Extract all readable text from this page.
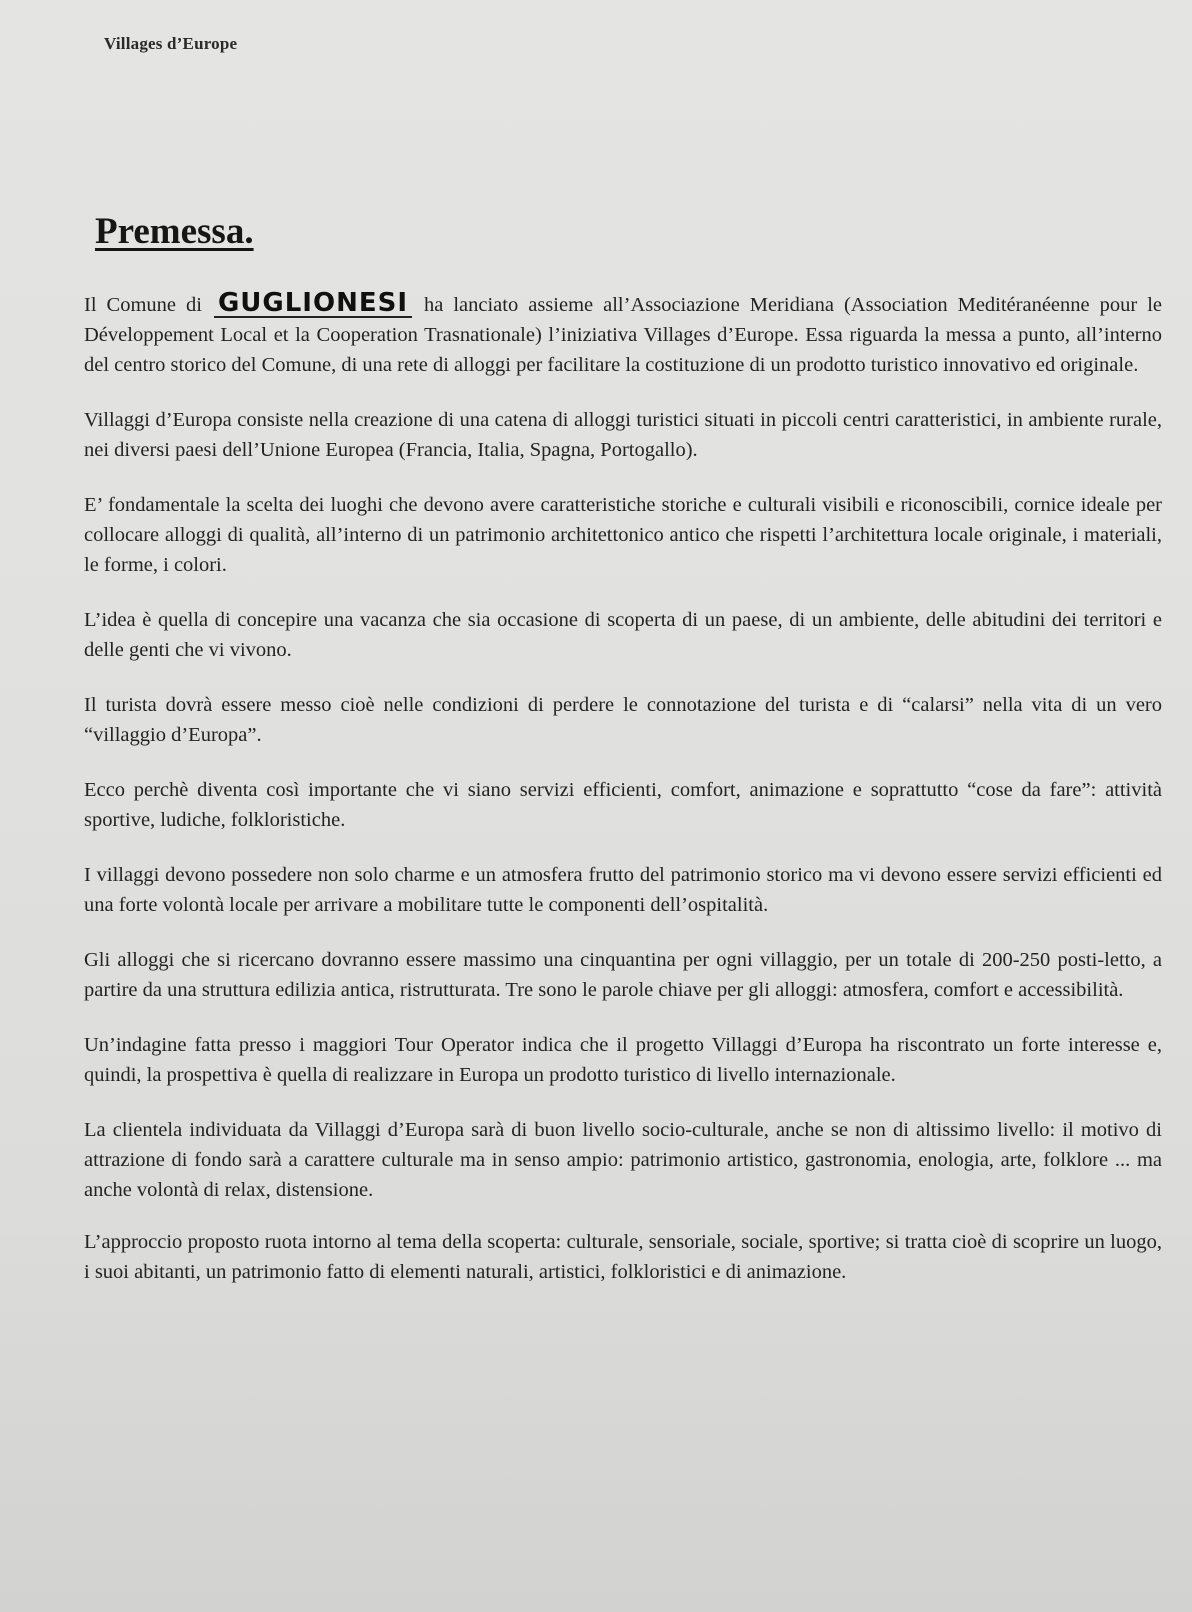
Villages d’Europe
Premessa.

Il Comune di GUGLIONESI ha lanciato assieme all’Associazione Meridiana (Association Meditéranéenne pour le Développement Local et la Cooperation Trasnationale) l’iniziativa Villages d’Europe. Essa riguarda la messa a punto, all’interno del centro storico del Comune, di una rete di alloggi per facilitare la costituzione di un prodotto turistico innovativo ed originale.

Villaggi d’Europa consiste nella creazione di una catena di alloggi turistici situati in piccoli centri caratteristici, in ambiente rurale, nei diversi paesi dell’Unione Europea (Francia, Italia, Spagna, Portogallo).

E’ fondamentale la scelta dei luoghi che devono avere caratteristiche storiche e culturali visibili e riconoscibili, cornice ideale per collocare alloggi di qualità, all’interno di un patrimonio architettonico antico che rispetti l’architettura locale originale, i materiali, le forme, i colori.

L’idea è quella di concepire una vacanza che sia occasione di scoperta di un paese, di un ambiente, delle abitudini dei territori e delle genti che vi vivono.

Il turista dovrà essere messo cioè nelle condizioni di perdere le connotazione del turista e di “calarsi” nella vita di un vero “villaggio d’Europa”.

Ecco perchè diventa così importante che vi siano servizi efficienti, comfort, animazione e soprattutto “cose da fare”: attività sportive, ludiche, folkloristiche.

I villaggi devono possedere non solo charme e un atmosfera frutto del patrimonio storico ma vi devono essere servizi efficienti ed una forte volontà locale per arrivare a mobilitare tutte le componenti dell’ospitalità.

Gli alloggi che si ricercano dovranno essere massimo una cinquantina per ogni villaggio, per un totale di 200-250 posti-letto, a partire da una struttura edilizia antica, ristrutturata. Tre sono le parole chiave per gli alloggi: atmosfera, comfort e accessibilità.

Un’indagine fatta presso i maggiori Tour Operator indica che il progetto Villaggi d’Europa ha riscontrato un forte interesse e, quindi, la prospettiva è quella di realizzare in Europa un prodotto turistico di livello internazionale.

La clientela individuata da Villaggi d’Europa sarà di buon livello socio-culturale, anche se non di altissimo livello: il motivo di attrazione di fondo sarà a carattere culturale ma in senso ampio: patrimonio artistico, gastronomia, enologia, arte, folklore ... ma anche volontà di relax, distensione.

L’approccio proposto ruota intorno al tema della scoperta: culturale, sensoriale, sociale, sportive; si tratta cioè di scoprire un luogo, i suoi abitanti, un patrimonio fatto di elementi naturali, artistici, folkloristici e di animazione.
